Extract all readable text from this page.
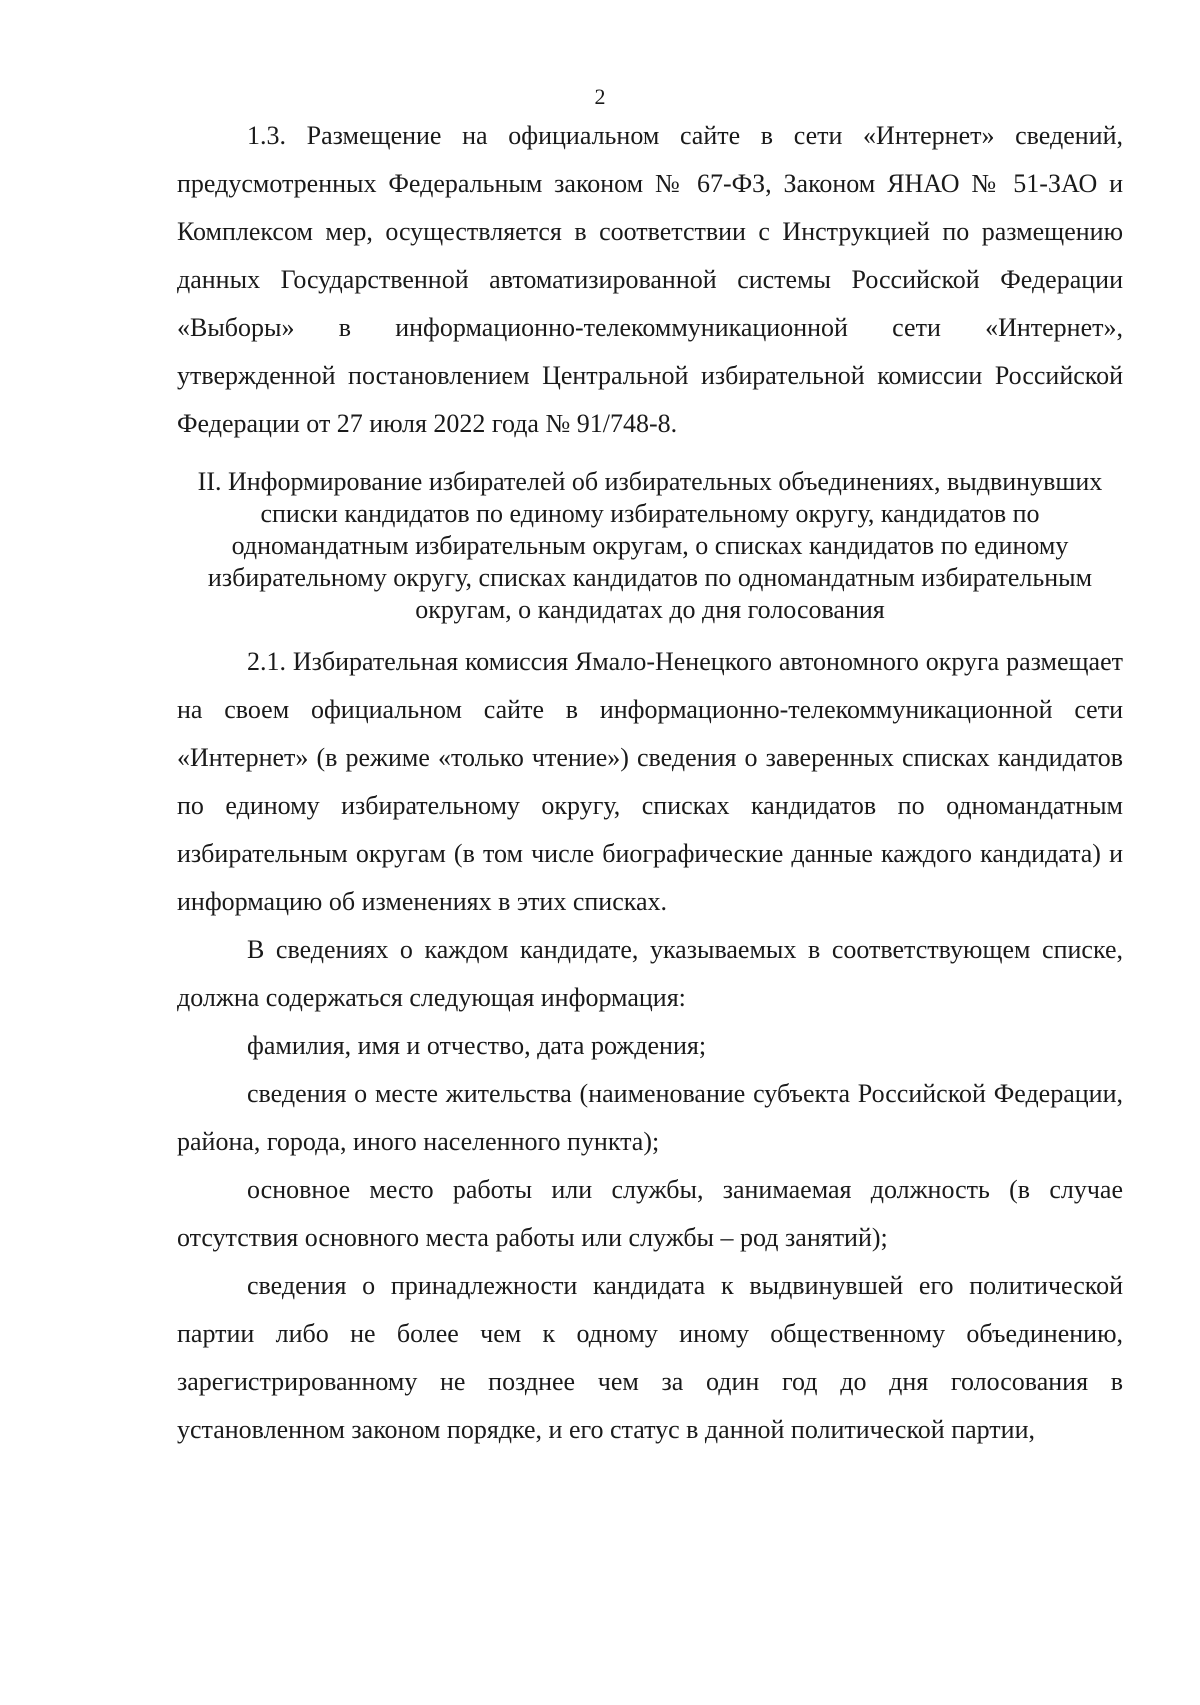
2

1.3. Размещение на официальном сайте в сети «Интернет» сведений, предусмотренных Федеральным законом № 67-ФЗ, Законом ЯНАО № 51-ЗАО и Комплексом мер, осуществляется в соответствии с Инструкцией по размещению данных Государственной автоматизированной системы Российской Федерации «Выборы» в информационно-телекоммуникационной сети «Интернет», утвержденной постановлением Центральной избирательной комиссии Российской Федерации от 27 июля 2022 года № 91/748-8.

II. Информирование избирателей об избирательных объединениях, выдвинувших списки кандидатов по единому избирательному округу, кандидатов по одномандатным избирательным округам, о списках кандидатов по единому избирательному округу, списках кандидатов по одномандатным избирательным округам, о кандидатах до дня голосования

2.1. Избирательная комиссия Ямало-Ненецкого автономного округа размещает на своем официальном сайте в информационно-телекоммуникационной сети «Интернет» (в режиме «только чтение») сведения о заверенных списках кандидатов по единому избирательному округу, списках кандидатов по одномандатным избирательным округам (в том числе биографические данные каждого кандидата) и информацию об изменениях в этих списках.

В сведениях о каждом кандидате, указываемых в соответствующем списке, должна содержаться следующая информация:

фамилия, имя и отчество, дата рождения;

сведения о месте жительства (наименование субъекта Российской Федерации, района, города, иного населенного пункта);

основное место работы или службы, занимаемая должность (в случае отсутствия основного места работы или службы – род занятий);

сведения о принадлежности кандидата к выдвинувшей его политической партии либо не более чем к одному иному общественному объединению, зарегистрированному не позднее чем за один год до дня голосования в установленном законом порядке, и его статус в данной политической партии,
